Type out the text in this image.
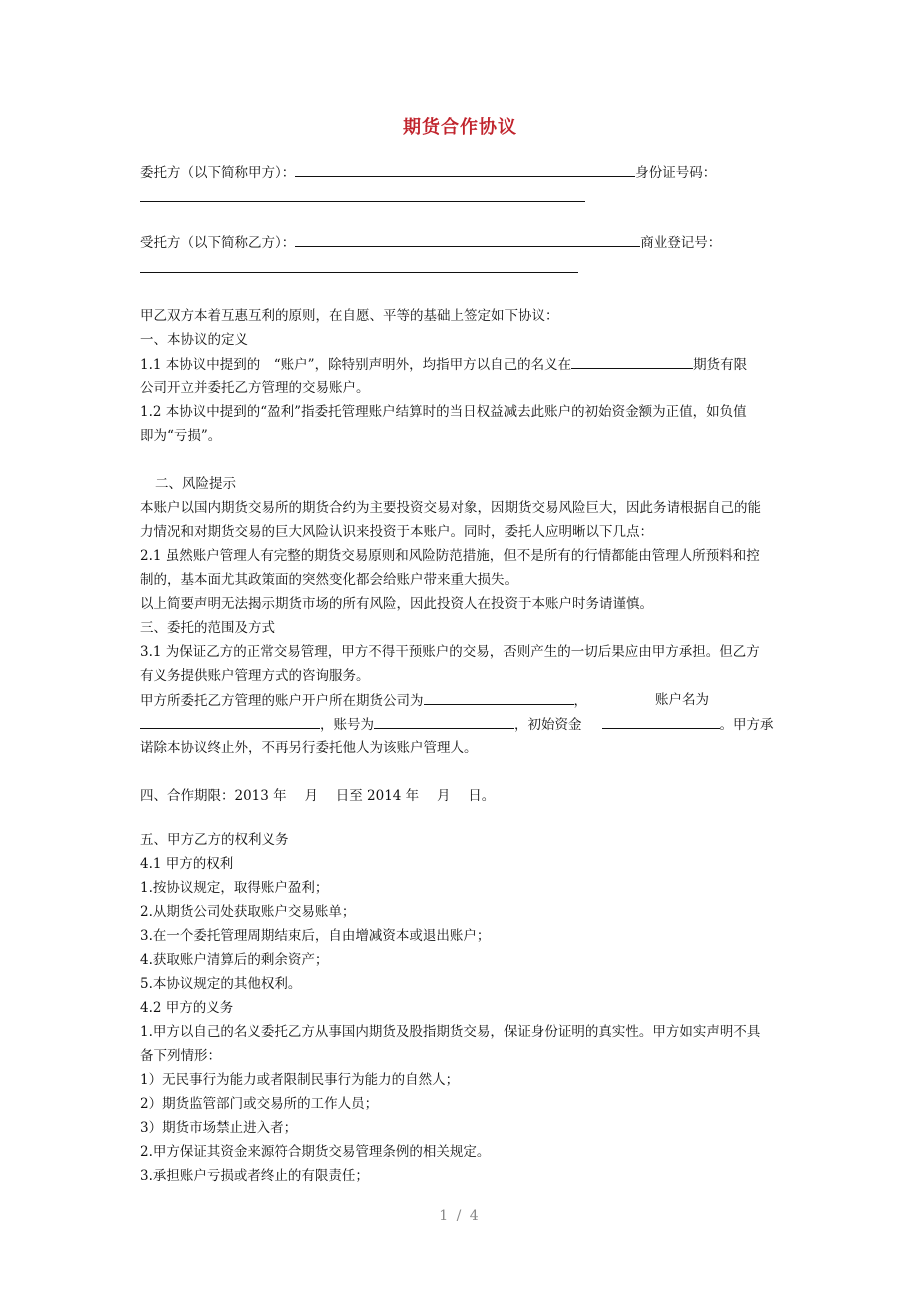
期货合作协议
委托方（以下简称甲方）：	身份证号码：
受托方（以下简称乙方）：	商业登记号：
甲乙双方本着互惠互利的原则，在自愿、平等的基础上签定如下协议：
一、本协议的定义
1.1 本协议中提到的　“账户”，除特别声明外，均指甲方以自己的名义在	期货有限
公司开立并委托乙方管理的交易账户。
1.2 本协议中提到的“盈利”指委托管理账户结算时的当日权益减去此账户的初始资金额为正值，如负值
即为“亏损”。
二、风险提示
本账户以国内期货交易所的期货合约为主要投资交易对象，因期货交易风险巨大，因此务请根据自己的能
力情况和对期货交易的巨大风险认识来投资于本账户。同时，委托人应明晰以下几点：
2.1 虽然账户管理人有完整的期货交易原则和风险防范措施，但不是所有的行情都能由管理人所预料和控
制的，基本面尤其政策面的突然变化都会给账户带来重大损失。
以上简要声明无法揭示期货市场的所有风险，因此投资人在投资于本账户时务请谨慎。
三、委托的范围及方式
3.1 为保证乙方的正常交易管理，甲方不得干预账户的交易，否则产生的一切后果应由甲方承担。但乙方
有义务提供账户管理方式的咨询服务。
甲方所委托乙方管理的账户开户所在期货公司为	，	账户名为
，账号为	，初始资金	。甲方承
诺除本协议终止外，不再另行委托他人为该账户管理人。
四、合作期限：2013 年　 月　 日至 2014 年　 月　 日。
五、甲方乙方的权利义务
4.1 甲方的权利
1.按协议规定，取得账户盈利；
2.从期货公司处获取账户交易账单；
3.在一个委托管理周期结束后，自由增减资本或退出账户；
4.获取账户清算后的剩余资产；
5.本协议规定的其他权利。
4.2 甲方的义务
1.甲方以自己的名义委托乙方从事国内期货及股指期货交易，保证身份证明的真实性。甲方如实声明不具
备下列情形：
1）无民事行为能力或者限制民事行为能力的自然人；
2）期货监管部门或交易所的工作人员；
3）期货市场禁止进入者；
2.甲方保证其资金来源符合期货交易管理条例的相关规定。
3.承担账户亏损或者终止的有限责任；
1 / 4
